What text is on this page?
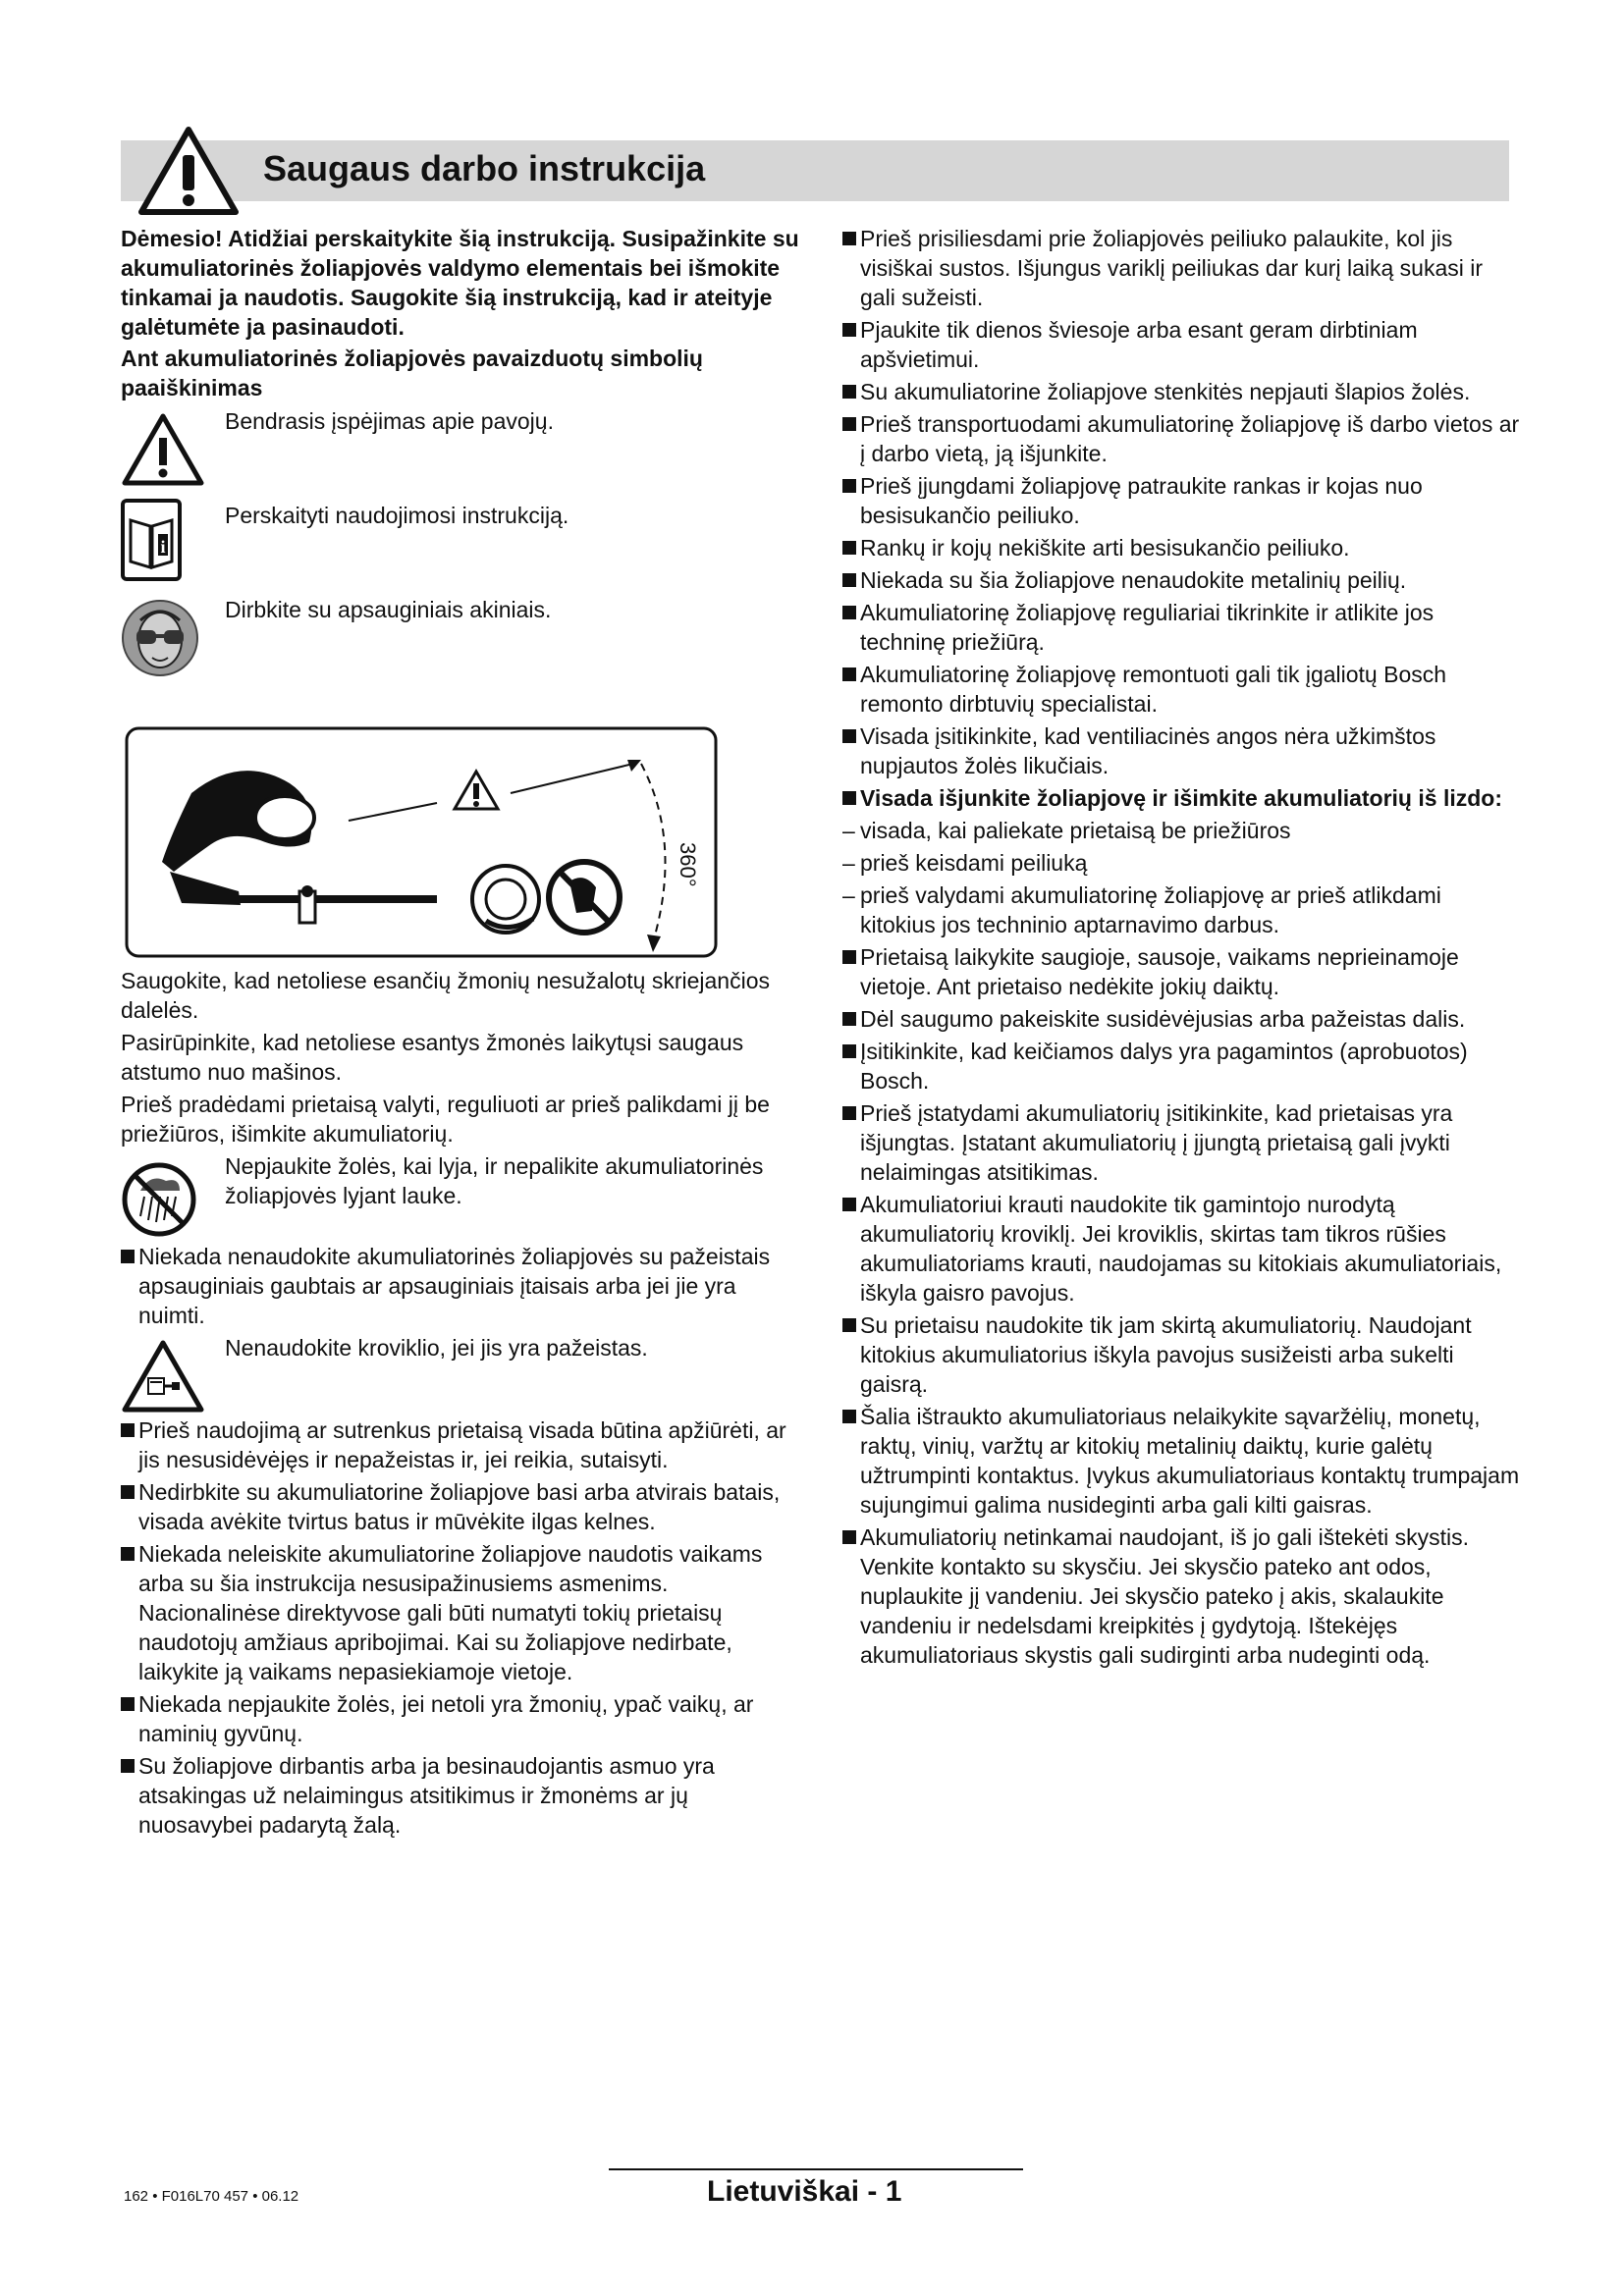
Saugaus darbo instrukcija

Dėmesio! Atidžiai perskaitykite šią instrukciją. Susipažinkite su akumuliatorinės žoliapjovės valdymo elementais bei išmokite tinkamai ja naudotis. Saugokite šią instrukciją, kad ir ateityje galėtumėte ja pasinaudoti.

Ant akumuliatorinės žoliapjovės pavaizduotų simbolių paaiškinimas

Bendrasis įspėjimas apie pavojų.
i
Perskaityti naudojimosi instrukciją.
Dirbkite su apsauginiais akiniais.
360°

Saugokite, kad netoliese esančių žmonių nesužalotų skriejančios dalelės.

Pasirūpinkite, kad netoliese esantys žmonės laikytųsi saugaus atstumo nuo mašinos.

Prieš pradėdami prietaisą valyti, reguliuoti ar prieš palikdami jį be priežiūros, išimkite akumuliatorių.

Nepjaukite žolės, kai lyja, ir nepalikite akumuliatorinės žoliapjovės lyjant lauke.
Niekada nenaudokite akumuliatorinės žoliapjovės su pažeistais apsauginiais gaubtais ar apsauginiais įtaisais arba jei jie yra nuimti.
Nenaudokite kroviklio, jei jis yra pažeistas.
Prieš naudojimą ar sutrenkus prietaisą visada būtina apžiūrėti, ar jis nesusidėvėjęs ir nepažeistas ir, jei reikia, sutaisyti.
Nedirbkite su akumuliatorine žoliapjove basi arba atvirais batais, visada avėkite tvirtus batus ir mūvėkite ilgas kelnes.
Niekada neleiskite akumuliatorine žoliapjove naudotis vaikams arba su šia instrukcija nesusipažinusiems asmenims. Nacionalinėse direktyvose gali būti numatyti tokių prietaisų naudotojų amžiaus apribojimai. Kai su žoliapjove nedirbate, laikykite ją vaikams nepasiekiamoje vietoje.
Niekada nepjaukite žolės, jei netoli yra žmonių, ypač vaikų, ar naminių gyvūnų.
Su žoliapjove dirbantis arba ja besinaudojantis asmuo yra atsakingas už nelaimingus atsitikimus ir žmonėms ar jų nuosavybei padarytą žalą.
Prieš prisiliesdami prie žoliapjovės peiliuko palaukite, kol jis visiškai sustos. Išjungus variklį peiliukas dar kurį laiką sukasi ir gali sužeisti.
Pjaukite tik dienos šviesoje arba esant geram dirbtiniam apšvietimui.
Su akumuliatorine žoliapjove stenkitės nepjauti šlapios žolės.
Prieš transportuodami akumuliatorinę žoliapjovę iš darbo vietos ar į darbo vietą, ją išjunkite.
Prieš įjungdami žoliapjovę patraukite rankas ir kojas nuo besisukančio peiliuko.
Rankų ir kojų nekiškite arti besisukančio peiliuko.
Niekada su šia žoliapjove nenaudokite metalinių peilių.
Akumuliatorinę žoliapjovę reguliariai tikrinkite ir atlikite jos techninę priežiūrą.
Akumuliatorinę žoliapjovę remontuoti gali tik įgaliotų Bosch remonto dirbtuvių specialistai.
Visada įsitikinkite, kad ventiliacinės angos nėra užkimštos nupjautos žolės likučiais.
Visada išjunkite žoliapjovę ir išimkite akumuliatorių iš lizdo:
– visada, kai paliekate prietaisą be priežiūros
– prieš keisdami peiliuką
– prieš valydami akumuliatorinę žoliapjovę ar prieš atlikdami kitokius jos techninio aptarnavimo darbus.
Prietaisą laikykite saugioje, sausoje, vaikams neprieinamoje vietoje. Ant prietaiso nedėkite jokių daiktų.
Dėl saugumo pakeiskite susidėvėjusias arba pažeistas dalis.
Įsitikinkite, kad keičiamos dalys yra pagamintos (aprobuotos) Bosch.
Prieš įstatydami akumuliatorių įsitikinkite, kad prietaisas yra išjungtas. Įstatant akumuliatorių į įjungtą prietaisą gali įvykti nelaimingas atsitikimas.
Akumuliatoriui krauti naudokite tik gamintojo nurodytą akumuliatorių kroviklį. Jei kroviklis, skirtas tam tikros rūšies akumuliatoriams krauti, naudojamas su kitokiais akumuliatoriais, iškyla gaisro pavojus.
Su prietaisu naudokite tik jam skirtą akumuliatorių. Naudojant kitokius akumuliatorius iškyla pavojus susižeisti arba sukelti gaisrą.
Šalia ištraukto akumuliatoriaus nelaikykite sąvaržėlių, monetų, raktų, vinių, varžtų ar kitokių metalinių daiktų, kurie galėtų užtrumpinti kontaktus. Įvykus akumuliatoriaus kontaktų trumpajam sujungimui galima nusideginti arba gali kilti gaisras.
Akumuliatorių netinkamai naudojant, iš jo gali ištekėti skystis. Venkite kontakto su skysčiu. Jei skysčio pateko ant odos, nuplaukite jį vandeniu. Jei skysčio pateko į akis, skalaukite vandeniu ir nedelsdami kreipkitės į gydytoją. Ištekėjęs akumuliatoriaus skystis gali sudirginti arba nudeginti odą.
162 • F016L70 457 • 06.12	Lietuviškai - 1
